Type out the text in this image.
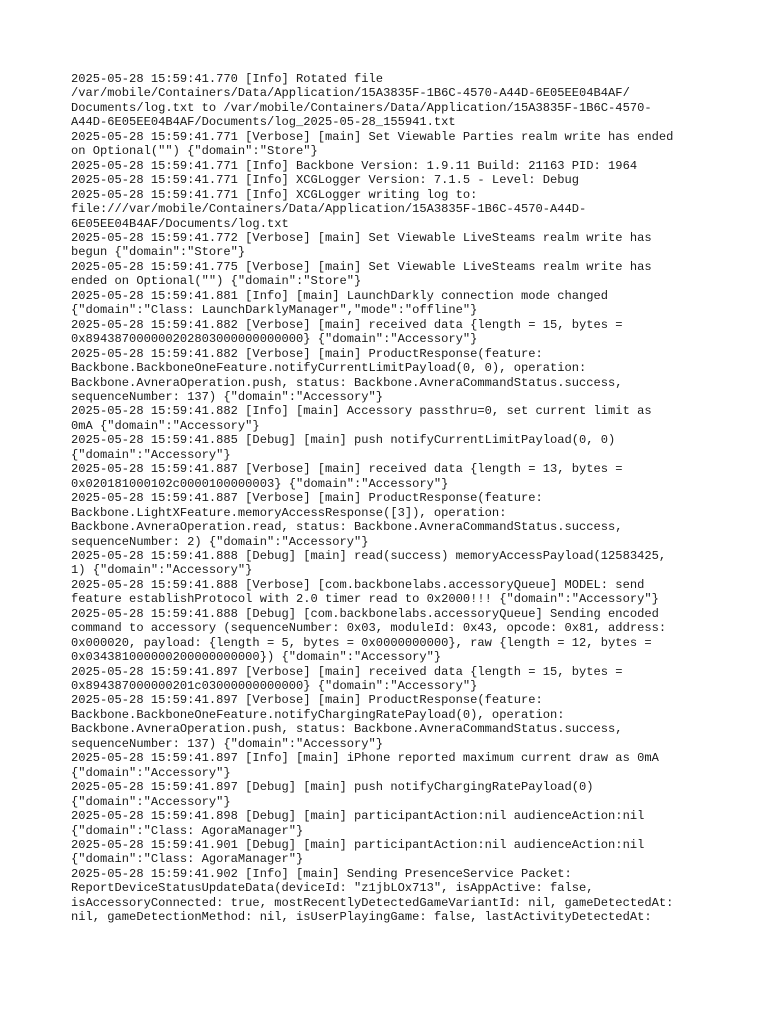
2025-05-28 15:59:41.770 [Info] Rotated file
/var/mobile/Containers/Data/Application/15A3835F-1B6C-4570-A44D-6E05EE04B4AF/
Documents/log.txt to /var/mobile/Containers/Data/Application/15A3835F-1B6C-4570-
A44D-6E05EE04B4AF/Documents/log_2025-05-28_155941.txt
2025-05-28 15:59:41.771 [Verbose] [main] Set Viewable Parties realm write has ended
on Optional("") {"domain":"Store"}
2025-05-28 15:59:41.771 [Info] Backbone Version: 1.9.11 Build: 21163 PID: 1964
2025-05-28 15:59:41.771 [Info] XCGLogger Version: 7.1.5 - Level: Debug
2025-05-28 15:59:41.771 [Info] XCGLogger writing log to:
file:///var/mobile/Containers/Data/Application/15A3835F-1B6C-4570-A44D-
6E05EE04B4AF/Documents/log.txt
2025-05-28 15:59:41.772 [Verbose] [main] Set Viewable LiveSteams realm write has
begun {"domain":"Store"}
2025-05-28 15:59:41.775 [Verbose] [main] Set Viewable LiveSteams realm write has
ended on Optional("") {"domain":"Store"}
2025-05-28 15:59:41.881 [Info] [main] LaunchDarkly connection mode changed
{"domain":"Class: LaunchDarklyManager","mode":"offline"}
2025-05-28 15:59:41.882 [Verbose] [main] received data {length = 15, bytes =
0x894387000000202803000000000000} {"domain":"Accessory"}
2025-05-28 15:59:41.882 [Verbose] [main] ProductResponse(feature:
Backbone.BackboneOneFeature.notifyCurrentLimitPayload(0, 0), operation:
Backbone.AvneraOperation.push, status: Backbone.AvneraCommandStatus.success,
sequenceNumber: 137) {"domain":"Accessory"}
2025-05-28 15:59:41.882 [Info] [main] Accessory passthru=0, set current limit as
0mA {"domain":"Accessory"}
2025-05-28 15:59:41.885 [Debug] [main] push notifyCurrentLimitPayload(0, 0)
{"domain":"Accessory"}
2025-05-28 15:59:41.887 [Verbose] [main] received data {length = 13, bytes =
0x020181000102c0000100000003} {"domain":"Accessory"}
2025-05-28 15:59:41.887 [Verbose] [main] ProductResponse(feature:
Backbone.LightXFeature.memoryAccessResponse([3]), operation:
Backbone.AvneraOperation.read, status: Backbone.AvneraCommandStatus.success,
sequenceNumber: 2) {"domain":"Accessory"}
2025-05-28 15:59:41.888 [Debug] [main] read(success) memoryAccessPayload(12583425,
1) {"domain":"Accessory"}
2025-05-28 15:59:41.888 [Verbose] [com.backbonelabs.accessoryQueue] MODEL: send
feature establishProtocol with 2.0 timer read to 0x2000!!! {"domain":"Accessory"}
2025-05-28 15:59:41.888 [Debug] [com.backbonelabs.accessoryQueue] Sending encoded
command to accessory (sequenceNumber: 0x03, moduleId: 0x43, opcode: 0x81, address:
0x000020, payload: {length = 5, bytes = 0x0000000000}, raw {length = 12, bytes =
0x034381000000200000000000}) {"domain":"Accessory"}
2025-05-28 15:59:41.897 [Verbose] [main] received data {length = 15, bytes =
0x894387000000201c03000000000000} {"domain":"Accessory"}
2025-05-28 15:59:41.897 [Verbose] [main] ProductResponse(feature:
Backbone.BackboneOneFeature.notifyChargingRatePayload(0), operation:
Backbone.AvneraOperation.push, status: Backbone.AvneraCommandStatus.success,
sequenceNumber: 137) {"domain":"Accessory"}
2025-05-28 15:59:41.897 [Info] [main] iPhone reported maximum current draw as 0mA
{"domain":"Accessory"}
2025-05-28 15:59:41.897 [Debug] [main] push notifyChargingRatePayload(0)
{"domain":"Accessory"}
2025-05-28 15:59:41.898 [Debug] [main] participantAction:nil audienceAction:nil
{"domain":"Class: AgoraManager"}
2025-05-28 15:59:41.901 [Debug] [main] participantAction:nil audienceAction:nil
{"domain":"Class: AgoraManager"}
2025-05-28 15:59:41.902 [Info] [main] Sending PresenceService Packet:
ReportDeviceStatusUpdateData(deviceId: "z1jbLOx713", isAppActive: false,
isAccessoryConnected: true, mostRecentlyDetectedGameVariantId: nil, gameDetectedAt:
nil, gameDetectionMethod: nil, isUserPlayingGame: false, lastActivityDetectedAt:
